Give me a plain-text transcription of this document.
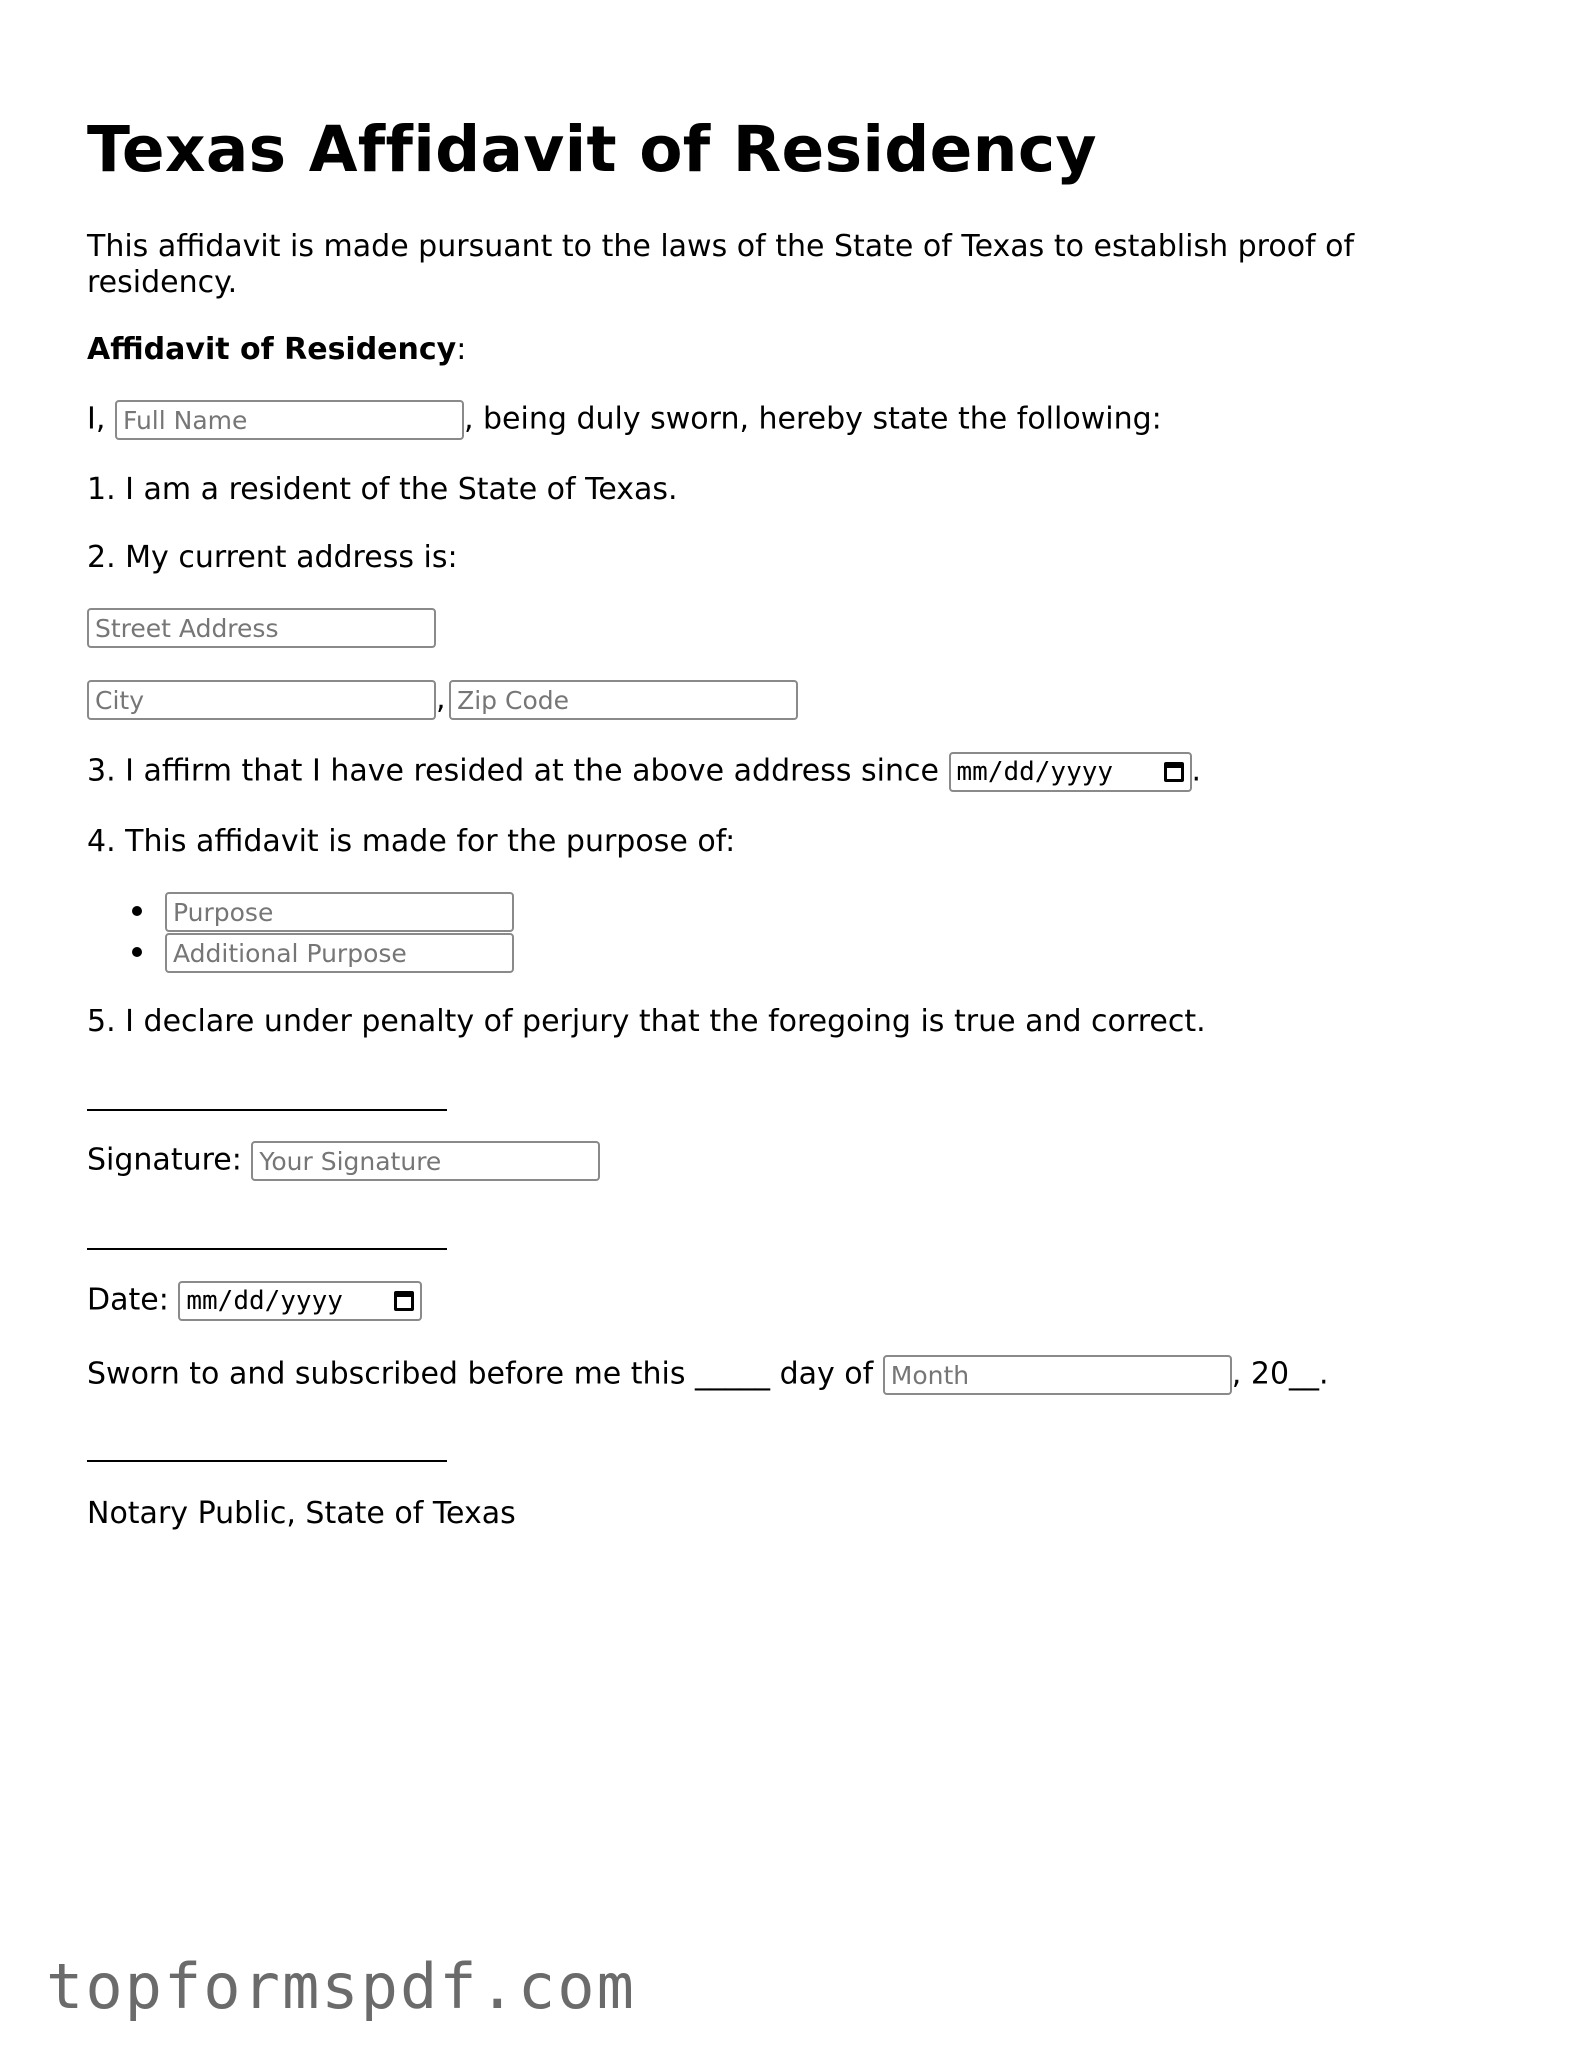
Texas Affidavit of Residency
This affidavit is made pursuant to the laws of the State of Texas to establish proof of residency.
Affidavit of Residency:
I, Full Name	, being duly sworn, hereby state the following:
1. I am a resident of the State of Texas.
2. My current address is:
Street Address
City, Zip Code
3. I affirm that I have resided at the above address since mm/dd/yyyy	.
4. This affidavit is made for the purpose of:
Purpose
Additional Purpose
5. I declare under penalty of perjury that the foregoing is true and correct.
Signature: Your Signature
Date: mm/dd/yyyy
Sworn to and subscribed before me this _____ day of Month	, 20__.
Notary Public, State of Texas
topformspdf.com
